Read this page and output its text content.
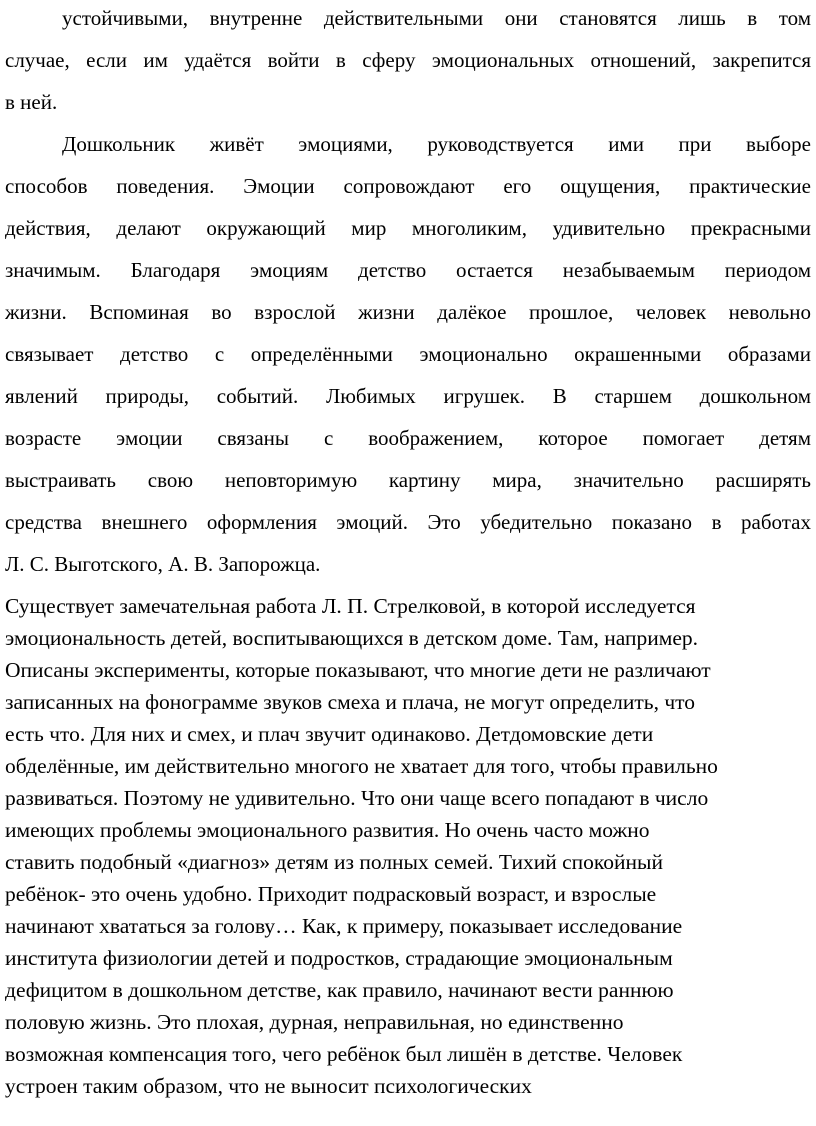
устойчивыми, внутренне действительными они становятся лишь в том
случае, если им удаётся войти в сферу эмоциональных отношений, закрепится
в ней.
Дошкольник живёт эмоциями, руководствуется ими при выборе
способов поведения. Эмоции сопровождают его ощущения, практические
действия, делают окружающий мир многоликим, удивительно прекрасными
значимым. Благодаря эмоциям детство остается незабываемым периодом
жизни. Вспоминая во взрослой жизни далёкое прошлое, человек невольно
связывает детство с определёнными эмоционально окрашенными образами
явлений природы, событий. Любимых игрушек. В старшем дошкольном
возрасте эмоции связаны с воображением, которое помогает детям
выстраивать свою неповторимую картину мира, значительно расширять
средства внешнего оформления эмоций. Это убедительно показано в работах
Л. С. Выготского, А. В. Запорожца.
Существует замечательная работа Л. П. Стрелковой, в которой исследуется
эмоциональность детей, воспитывающихся в детском доме. Там, например.
Описаны эксперименты, которые показывают, что многие дети не различают
записанных на фонограмме звуков смеха и плача, не могут определить, что
есть что. Для них и смех, и плач звучит одинаково. Детдомовские дети
обделённые, им действительно многого не хватает для того, чтобы правильно
развиваться. Поэтому не удивительно. Что они чаще всего попадают в число
имеющих проблемы эмоционального развития. Но очень часто можно
ставить подобный «диагноз» детям из полных семей. Тихий спокойный
ребёнок- это очень удобно. Приходит подрасковый возраст, и взрослые
начинают хвататься за голову… Как, к примеру, показывает исследование
института физиологии детей и подростков, страдающие эмоциональным
дефицитом в дошкольном детстве, как правило, начинают вести раннюю
половую жизнь. Это плохая, дурная, неправильная, но единственно
возможная компенсация того, чего ребёнок был лишён в детстве. Человек
устроен таким образом, что не выносит психологических
